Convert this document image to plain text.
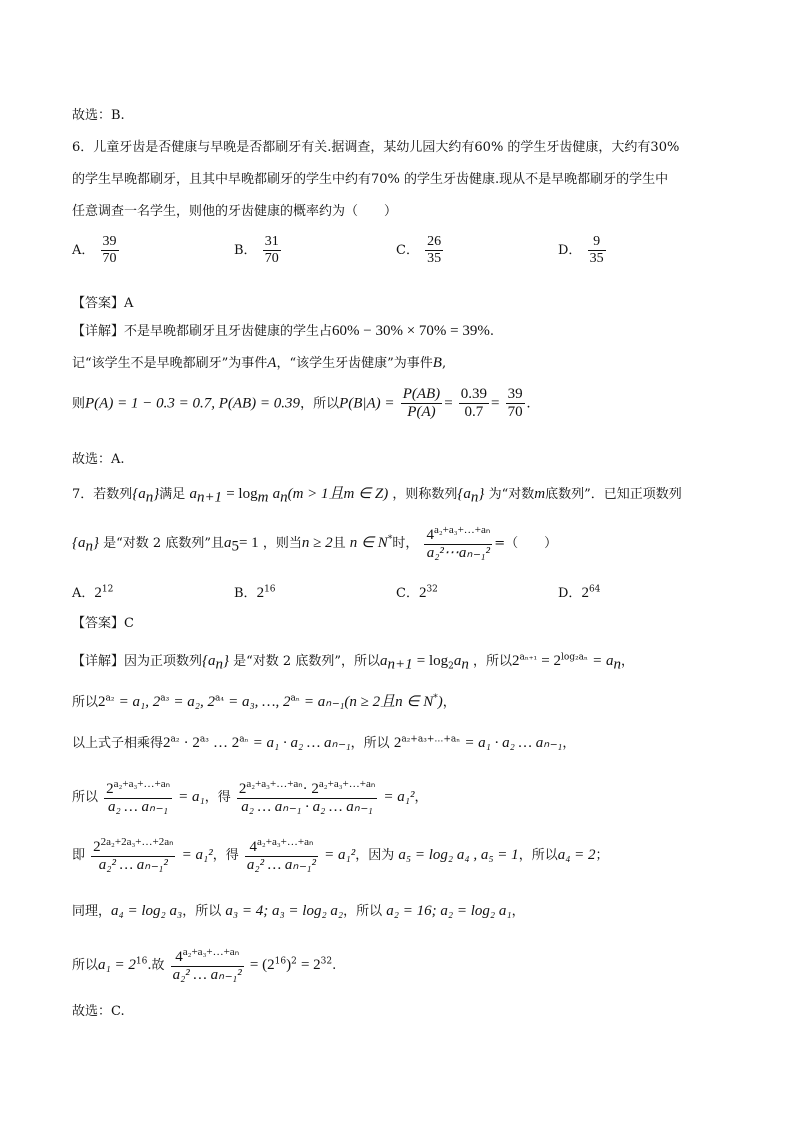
故选：B.
6．儿童牙齿是否健康与早晚是否都刷牙有关.据调查，某幼儿园大约有60% 的学生牙齿健康，大约有30%
的学生早晚都刷牙，且其中早晚都刷牙的学生中约有70% 的学生牙齿健康.现从不是早晚都刷牙的学生中
任意调查一名学生，则他的牙齿健康的概率约为（　　）
A． $\frac{39}{70}$	B． $\frac{31}{70}$	C． $\frac{26}{35}$	D． $\frac{9}{35}$
【答案】A
【详解】不是早晚都刷牙且牙齿健康的学生占60% − 30% × 70% = 39%.
记“该学生不是早晚都刷牙”为事件A，“该学生牙齿健康”为事件B,
则P(A) = 1 − 0.3 = 0.7, P(AB) = 0.39，所以$P(B|A) = \frac{P(AB)}{P(A)} = \frac{0.39}{0.7} = \frac{39}{70}$ .
故选：A.
7．若数列$\{a_n\}$满足 $a_{n+1} = \log_m a_n(m > 1$且m ∈ Z) ，则称数列$\{a_n\}$ 为“对数m底数列”．已知正项数列
$\{a_n\}$ 是“对数 2 底数列”且$a_5= 1$ ，则当n ≥ 2且 n ∈ N*时， $\frac{4^{a_2+a_3+\dots+a_n}}{\text{a₂²⋯aₙ₋₁²}}$ =（　　）
A．$2^{12}$	B．$2^{16}$	C．$2^{32}$	D．$2^{64}$
【答案】C
【详解】因为正项数列$\{a_n\}$ 是“对数 2 底数列”，所以$a_{n+1} = \log_2a_n$ ，所以$2^{a_{n+1}} = 2^{log_2a_n} = a_n$，
所以$2^{a_2} = a_1$, $2^{a_3} = a_2$, $2^{a_4} = a_3$, …, $2^{a_n} = a_{n-1}(n \ge 2$且n ∈ N*)，
以上式子相乘得$2^{a_2} \cdot 2^{a_3}$ … $2^{a_n} = a_1 \cdot a_2$ … aₙ₋₁，所以 $2^{a_2+a_3+\dots+a_n} = a_1 \cdot a_2$ … aₙ₋₁，
所以 $\frac{2^{a_2+a_3+\dots+a_n}}{\text{a₂ … aₙ₋₁}} = a_1$，得 $\frac{2^{a_2+a_3+\dots+a_n}\cdot 2^{a_2+a_3+\dots+a_n}}{\text{a₂ … aₙ₋₁ · a₂ … aₙ₋₁}} = a_1^2$，
即 $\frac{2^{2a_2+2a_3+\dots+2a_n}}{\text{a₂² … aₙ₋₁²}} = a_1^2$，得 $\frac{4^{a_2+a_3+\dots+a_n}}{\text{a₂² … aₙ₋₁²}} = a_1^2$，因为 a₅ = log₂ a₄ , a₅ = 1，所以a₄ = 2；
同理，a₄ = log₂ a₃，所以 a₃ = 4; a₃ = log₂ a₂，所以 a₂ = 16; a₂ = log₂ a₁，
所以$a_1 = 2^{16}$.故 $\frac{4^{a_2+a_3+\dots+a_n}}{\text{a₂² … aₙ₋₁²}} = (2^{16})^2 = 2^{32}$.
故选：C.
